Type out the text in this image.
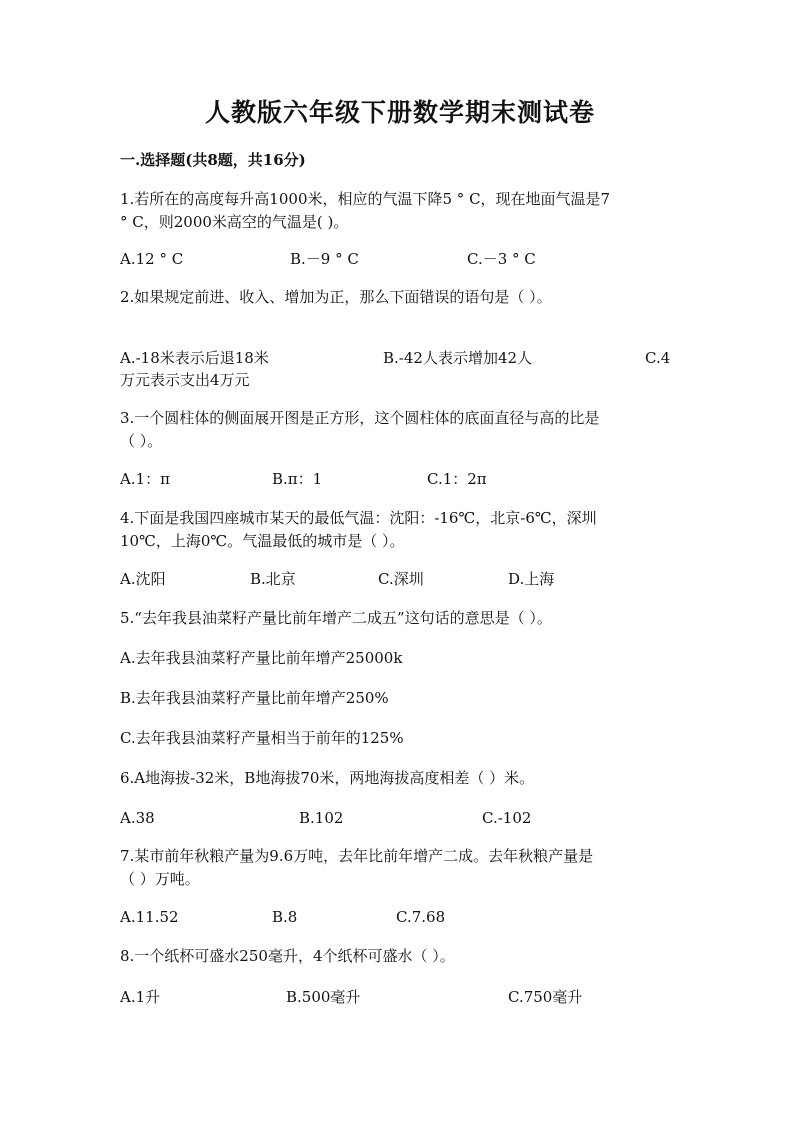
人教版六年级下册数学期末测试卷
一.选择题(共8题，共16分)
1.若所在的高度每升高1000米，相应的气温下降5 ° C，现在地面气温是7
° C，则2000米高空的气温是( )。
A.12 ° C	B.－9 ° C	C.－3 ° C
2.如果规定前进、收入、增加为正，那么下面错误的语句是（ ）。
A.-18米表示后退18米	B.-42人表示增加42人	C.4
万元表示支出4万元
3.一个圆柱体的侧面展开图是正方形，这个圆柱体的底面直径与高的比是
（ ）。
A.1：π	B.π：1	C.1：2π
4.下面是我国四座城市某天的最低气温：沈阳：-16℃，北京-6℃，深圳
10℃，上海0℃。气温最低的城市是（ ）。
A.沈阳	B.北京	C.深圳	D.上海
5.“去年我县油菜籽产量比前年增产二成五”这句话的意思是（ ）。
A.去年我县油菜籽产量比前年增产25000k
B.去年我县油菜籽产量比前年增产250%
C.去年我县油菜籽产量相当于前年的125%
6.A地海拔-32米，B地海拔70米，两地海拔高度相差（ ）米。
A.38	B.102	C.-102
7.某市前年秋粮产量为9.6万吨，去年比前年增产二成。去年秋粮产量是
（ ）万吨。
A.11.52	B.8	C.7.68
8.一个纸杯可盛水250毫升，4个纸杯可盛水（ ）。
A.1升	B.500毫升	C.750毫升
